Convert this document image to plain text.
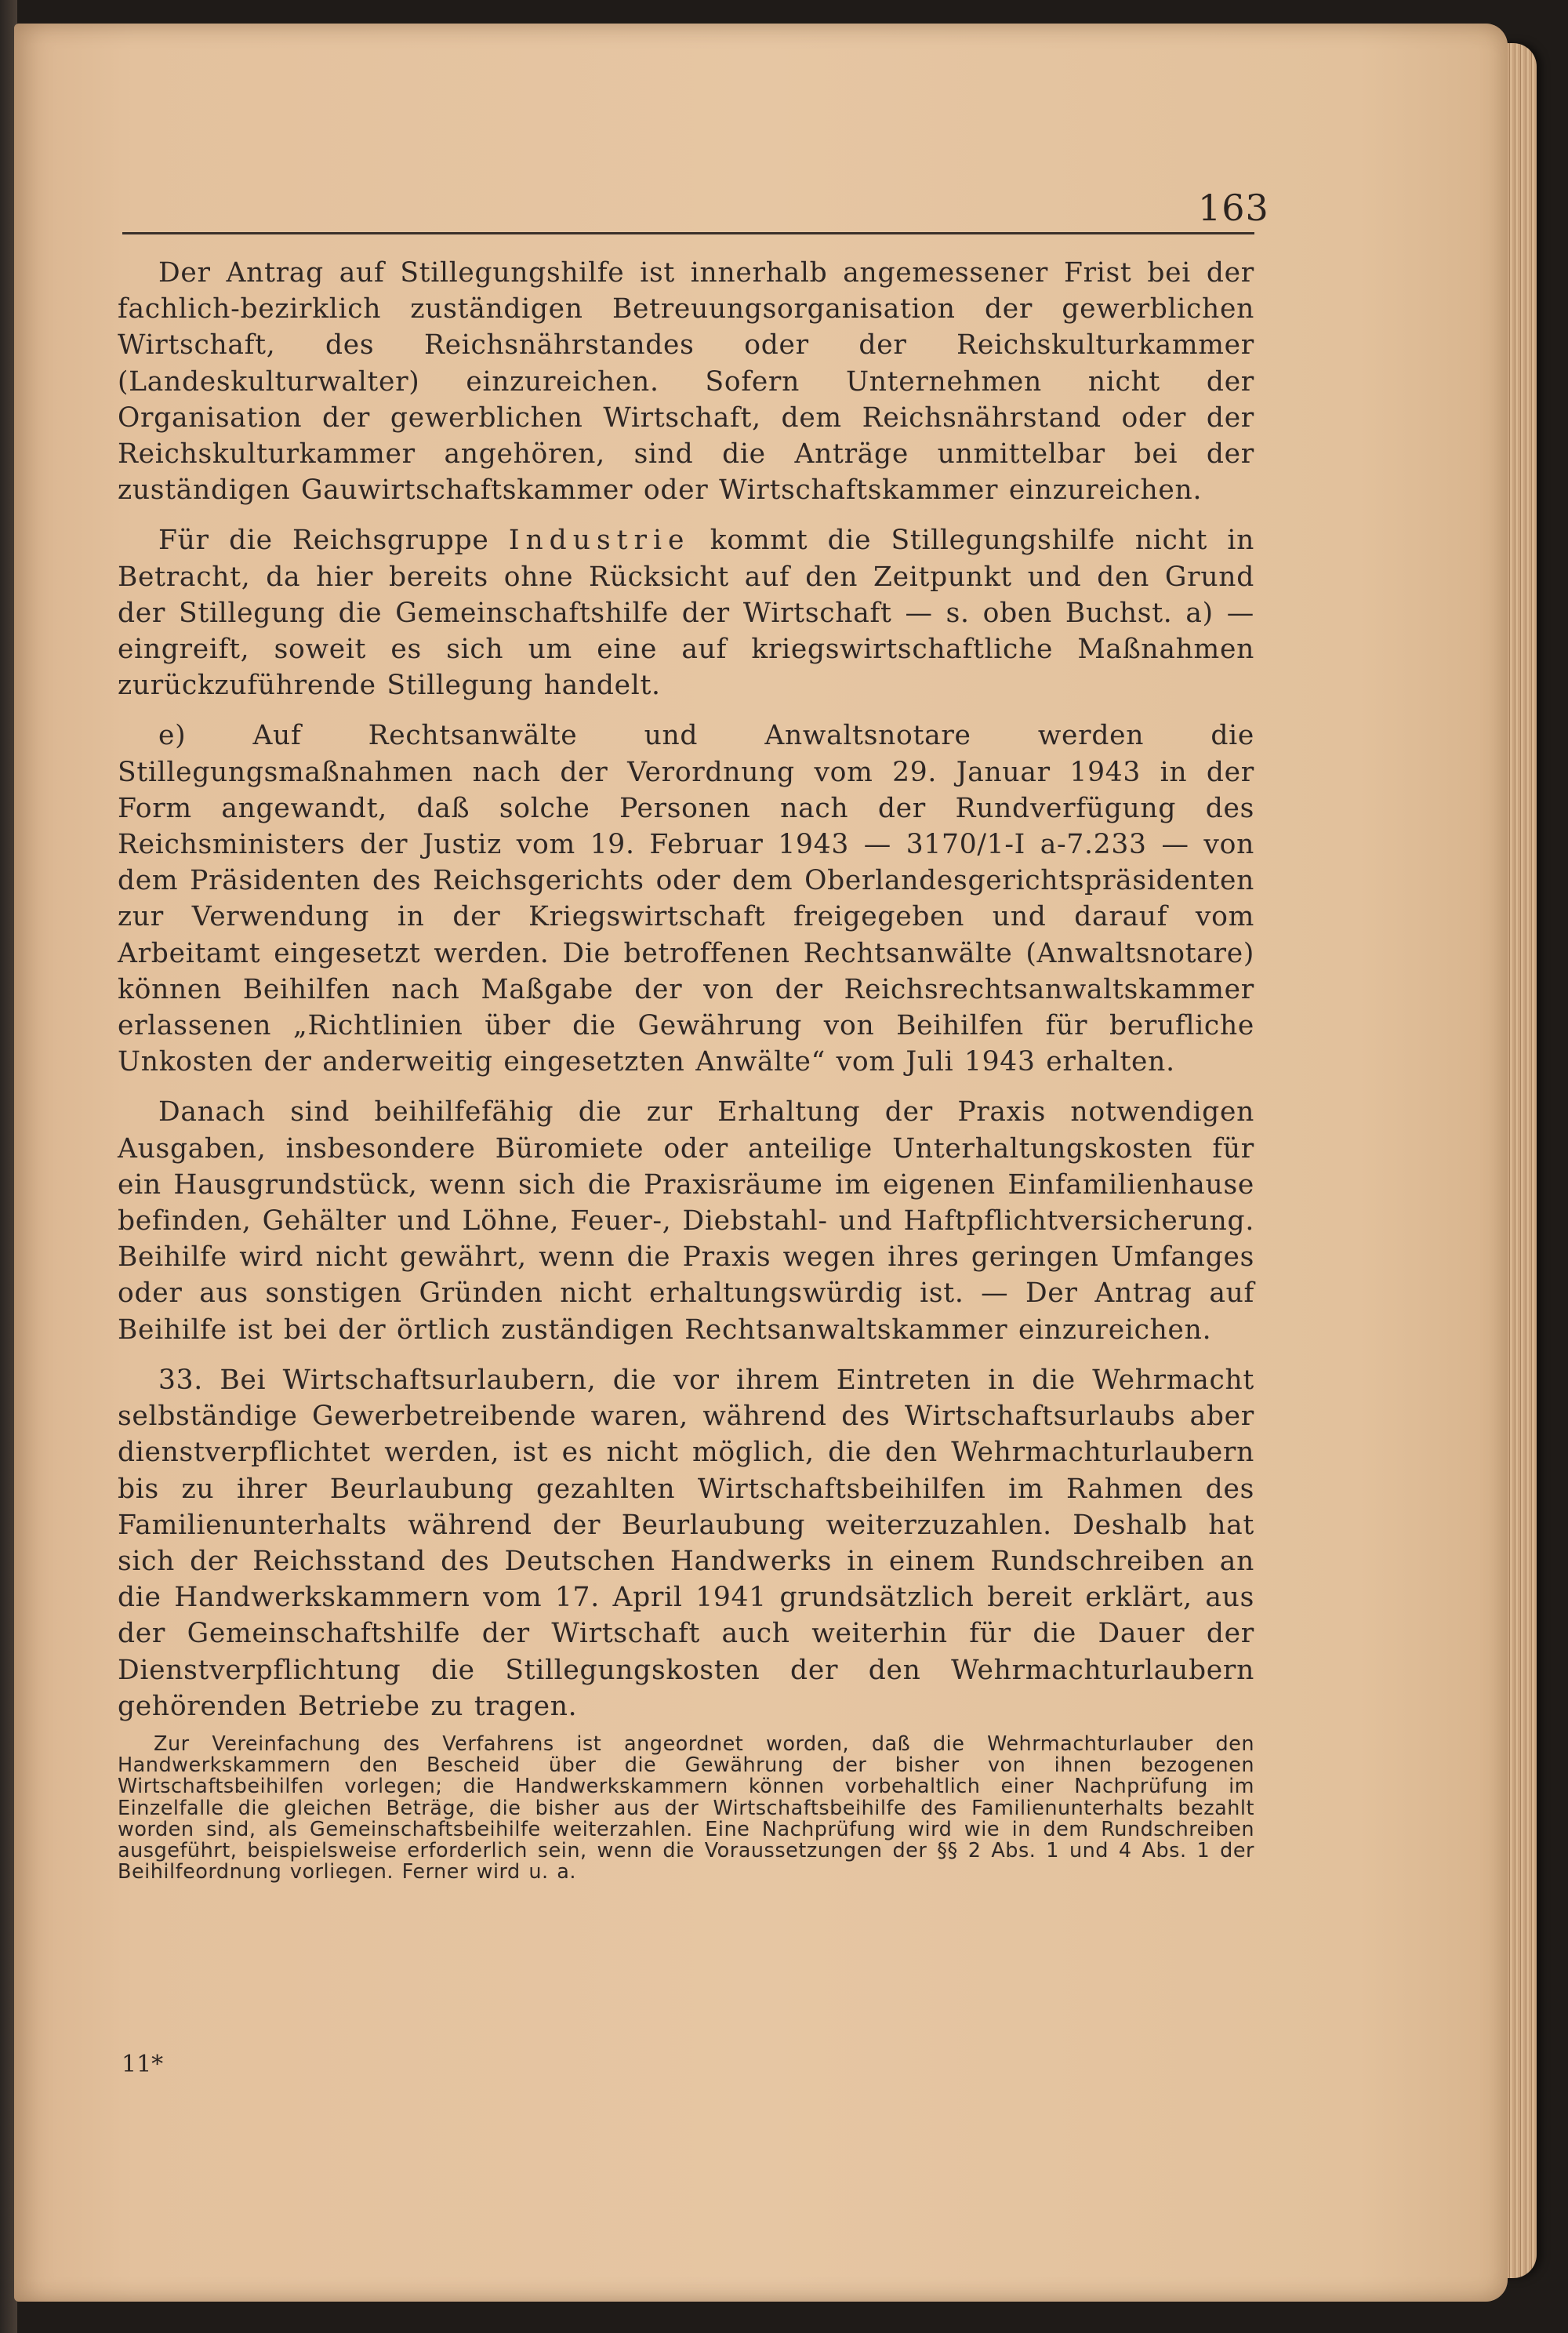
163

Der Antrag auf Stillegungshilfe ist innerhalb angemessener Frist bei der fachlich-bezirklich zuständigen Betreuungsorganisation der gewerblichen Wirtschaft, des Reichsnährstandes oder der Reichskulturkammer (Landeskulturwalter) einzureichen. Sofern Unternehmen nicht der Organisation der gewerblichen Wirtschaft, dem Reichsnährstand oder der Reichskulturkammer angehören, sind die Anträge unmittelbar bei der zuständigen Gauwirtschaftskammer oder Wirtschaftskammer einzureichen.

Für die Reichsgruppe Industrie kommt die Stillegungshilfe nicht in Betracht, da hier bereits ohne Rücksicht auf den Zeitpunkt und den Grund der Stillegung die Gemeinschaftshilfe der Wirtschaft — s. oben Buchst. a) — eingreift, soweit es sich um eine auf kriegswirtschaftliche Maßnahmen zurückzuführende Stillegung handelt.

e) Auf Rechtsanwälte und Anwaltsnotare werden die Stillegungsmaßnahmen nach der Verordnung vom 29. Januar 1943 in der Form angewandt, daß solche Personen nach der Rundverfügung des Reichsministers der Justiz vom 19. Februar 1943 — 3170/1-I a-7.233 — von dem Präsidenten des Reichsgerichts oder dem Oberlandesgerichtspräsidenten zur Verwendung in der Kriegswirtschaft freigegeben und darauf vom Arbeitamt eingesetzt werden. Die betroffenen Rechtsanwälte (Anwaltsnotare) können Beihilfen nach Maßgabe der von der Reichsrechtsanwaltskammer erlassenen „Richtlinien über die Gewährung von Beihilfen für berufliche Unkosten der anderweitig eingesetzten Anwälte“ vom Juli 1943 erhalten.

Danach sind beihilfefähig die zur Erhaltung der Praxis notwendigen Ausgaben, insbesondere Büromiete oder anteilige Unterhaltungskosten für ein Hausgrundstück, wenn sich die Praxisräume im eigenen Einfamilienhause befinden, Gehälter und Löhne, Feuer-, Diebstahl- und Haftpflichtversicherung. Beihilfe wird nicht gewährt, wenn die Praxis wegen ihres geringen Umfanges oder aus sonstigen Gründen nicht erhaltungswürdig ist. — Der Antrag auf Beihilfe ist bei der örtlich zuständigen Rechtsanwaltskammer einzureichen.

33. Bei Wirtschaftsurlaubern, die vor ihrem Eintreten in die Wehrmacht selbständige Gewerbetreibende waren, während des Wirtschaftsurlaubs aber dienstverpflichtet werden, ist es nicht möglich, die den Wehrmachturlaubern bis zu ihrer Beurlaubung gezahlten Wirtschaftsbeihilfen im Rahmen des Familienunterhalts während der Beurlaubung weiterzuzahlen. Deshalb hat sich der Reichsstand des Deutschen Handwerks in einem Rundschreiben an die Handwerkskammern vom 17. April 1941 grundsätzlich bereit erklärt, aus der Gemeinschaftshilfe der Wirtschaft auch weiterhin für die Dauer der Dienstverpflichtung die Stillegungskosten der den Wehrmachturlaubern gehörenden Betriebe zu tragen.

Zur Vereinfachung des Verfahrens ist angeordnet worden, daß die Wehrmachturlauber den Handwerkskammern den Bescheid über die Gewährung der bisher von ihnen bezogenen Wirtschaftsbeihilfen vorlegen; die Handwerkskammern können vorbehaltlich einer Nachprüfung im Einzelfalle die gleichen Beträge, die bisher aus der Wirtschaftsbeihilfe des Familienunterhalts bezahlt worden sind, als Gemeinschaftsbeihilfe weiterzahlen. Eine Nachprüfung wird wie in dem Rundschreiben ausgeführt, beispielsweise erforderlich sein, wenn die Voraussetzungen der §§ 2 Abs. 1 und 4 Abs. 1 der Beihilfeordnung vorliegen. Ferner wird u. a.

11*
